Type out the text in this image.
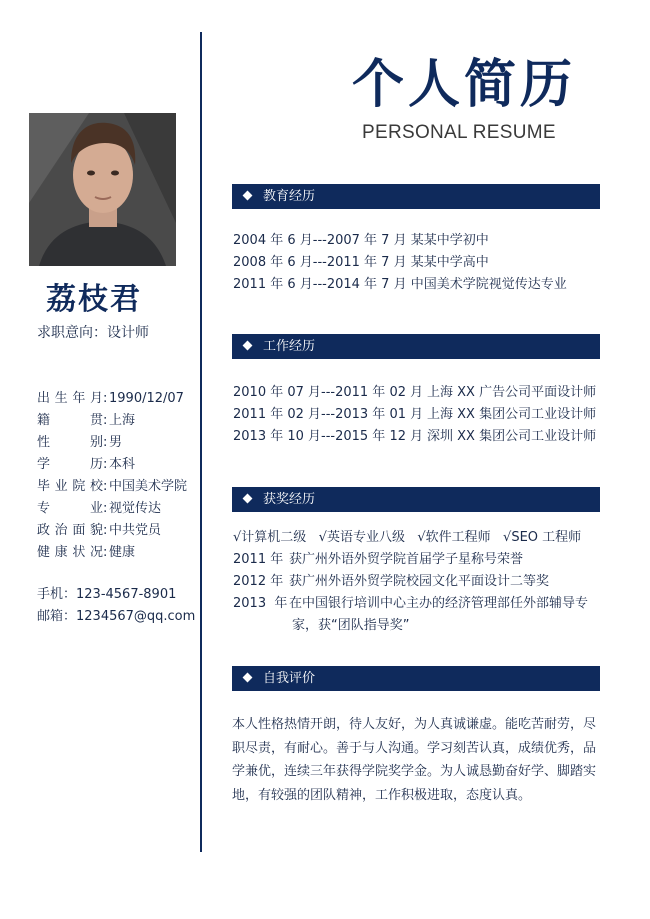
荔枝君
求职意向：设计师
出生年月: 1990/12/07
籍贯: 上海
性别: 男
学历: 本科
毕业院校: 中国美术学院
专业: 视觉传达
政治面貌: 中共党员
健康状况: 健康
手机：123-4567-8901
邮箱：1234567@qq.com
个人简历
PERSONAL RESUME
教育经历
2004 年 6 月---2007 年 7 月 某某中学初中
2008 年 6 月---2011 年 7 月 某某中学高中
2011 年 6 月---2014 年 7 月 中国美术学院视觉传达专业
工作经历
2010 年 07 月---2011 年 02 月 上海 XX 广告公司平面设计师
2011 年 02 月---2013 年 01 月 上海 XX 集团公司工业设计师
2013 年 10 月---2015 年 12 月 深圳 XX 集团公司工业设计师
获奖经历
√计算机二级   √英语专业八级   √软件工程师   √SEO 工程师
2011 年 获广州外语外贸学院首届学子星称号荣誉
2012 年 获广州外语外贸学院校园文化平面设计二等奖
2013  年 在中国银行培训中心主办的经济管理部任外部辅导专
家，获“团队指导奖”
自我评价
本人性格热情开朗，待人友好，为人真诚谦虚。能吃苦耐劳，尽职尽责，有耐心。善于与人沟通。学习刻苦认真，成绩优秀，品学兼优，连续三年获得学院奖学金。为人诚恳勤奋好学、脚踏实地，有较强的团队精神，工作积极进取，态度认真。
